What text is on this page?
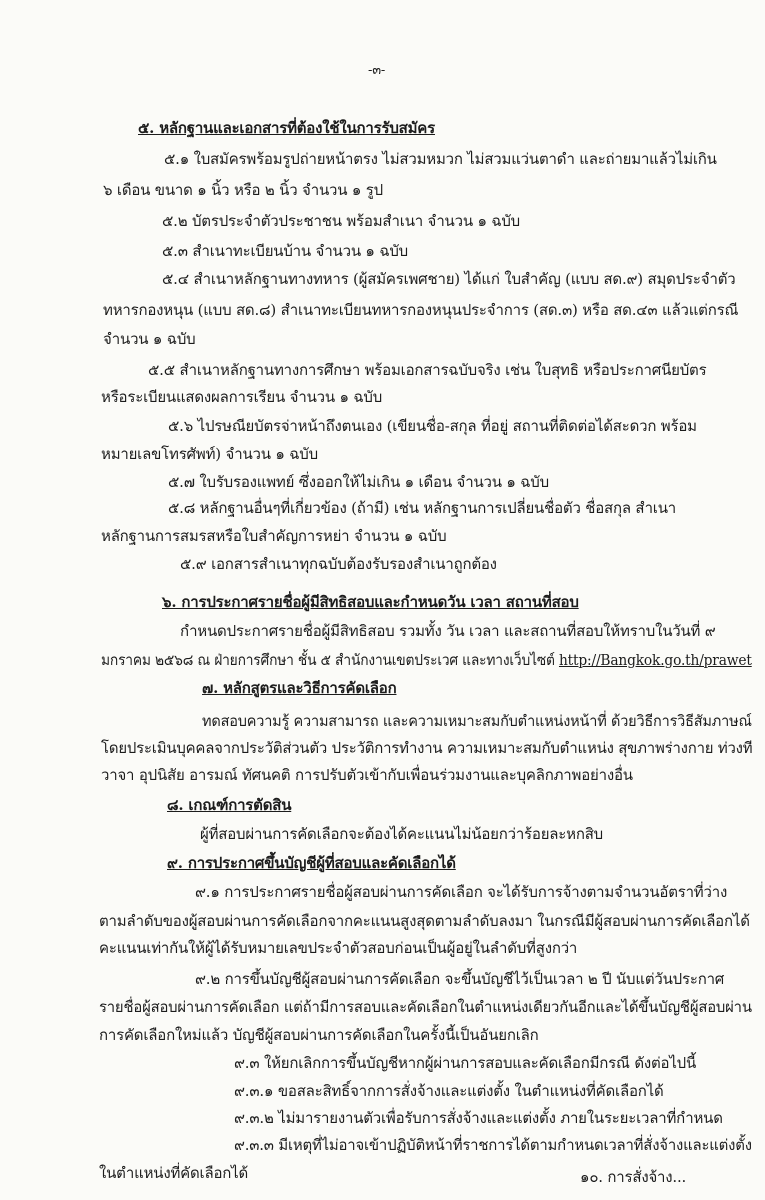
-๓-
๕. หลักฐานและเอกสารที่ต้องใช้ในการรับสมัคร
๕.๑ ใบสมัครพร้อมรูปถ่ายหน้าตรง ไม่สวมหมวก ไม่สวมแว่นตาดำ และถ่ายมาแล้วไม่เกิน
๖ เดือน ขนาด ๑ นิ้ว หรือ ๒ นิ้ว จำนวน ๑ รูป
๕.๒ บัตรประจำตัวประชาชน พร้อมสำเนา จำนวน ๑ ฉบับ
๕.๓ สำเนาทะเบียนบ้าน จำนวน ๑ ฉบับ
๕.๔ สำเนาหลักฐานทางทหาร (ผู้สมัครเพศชาย) ได้แก่ ใบสำคัญ (แบบ สด.๙) สมุดประจำตัว
ทหารกองหนุน (แบบ สด.๘) สำเนาทะเบียนทหารกองหนุนประจำการ (สด.๓) หรือ สด.๔๓ แล้วแต่กรณี
จำนวน ๑ ฉบับ
๕.๕ สำเนาหลักฐานทางการศึกษา พร้อมเอกสารฉบับจริง เช่น ใบสุทธิ หรือประกาศนียบัตร
หรือระเบียนแสดงผลการเรียน จำนวน ๑ ฉบับ
๕.๖ ไปรษณียบัตรจ่าหน้าถึงตนเอง (เขียนชื่อ-สกุล ที่อยู่ สถานที่ติดต่อได้สะดวก พร้อม
หมายเลขโทรศัพท์) จำนวน ๑ ฉบับ
๕.๗ ใบรับรองแพทย์ ซึ่งออกให้ไม่เกิน ๑ เดือน จำนวน ๑ ฉบับ
๕.๘ หลักฐานอื่นๆที่เกี่ยวข้อง (ถ้ามี) เช่น หลักฐานการเปลี่ยนชื่อตัว ชื่อสกุล สำเนา
หลักฐานการสมรสหรือใบสำคัญการหย่า จำนวน ๑ ฉบับ
๕.๙ เอกสารสำเนาทุกฉบับต้องรับรองสำเนาถูกต้อง
๖. การประกาศรายชื่อผู้มีสิทธิสอบและกำหนดวัน เวลา สถานที่สอบ
กำหนดประกาศรายชื่อผู้มีสิทธิสอบ รวมทั้ง วัน เวลา และสถานที่สอบให้ทราบในวันที่ ๙
มกราคม ๒๕๖๘ ณ ฝ่ายการศึกษา ชั้น ๕ สำนักงานเขตประเวศ และทางเว็บไซต์ http://Bangkok.go.th/prawet
๗. หลักสูตรและวิธีการคัดเลือก
ทดสอบความรู้ ความสามารถ และความเหมาะสมกับตำแหน่งหน้าที่ ด้วยวิธีการวิธีสัมภาษณ์
โดยประเมินบุคคลจากประวัติส่วนตัว ประวัติการทำงาน ความเหมาะสมกับตำแหน่ง สุขภาพร่างกาย ท่วงที
วาจา อุปนิสัย อารมณ์ ทัศนคติ การปรับตัวเข้ากับเพื่อนร่วมงานและบุคลิกภาพอย่างอื่น
๘. เกณฑ์การตัดสิน
ผู้ที่สอบผ่านการคัดเลือกจะต้องได้คะแนนไม่น้อยกว่าร้อยละหกสิบ
๙. การประกาศขึ้นบัญชีผู้ที่สอบและคัดเลือกได้
๙.๑ การประกาศรายชื่อผู้สอบผ่านการคัดเลือก จะได้รับการจ้างตามจำนวนอัตราที่ว่าง
ตามลำดับของผู้สอบผ่านการคัดเลือกจากคะแนนสูงสุดตามลำดับลงมา ในกรณีมีผู้สอบผ่านการคัดเลือกได้
คะแนนเท่ากันให้ผู้ได้รับหมายเลขประจำตัวสอบก่อนเป็นผู้อยู่ในลำดับที่สูงกว่า
๙.๒ การขึ้นบัญชีผู้สอบผ่านการคัดเลือก จะขึ้นบัญชีไว้เป็นเวลา ๒ ปี นับแต่วันประกาศ
รายชื่อผู้สอบผ่านการคัดเลือก แต่ถ้ามีการสอบและคัดเลือกในตำแหน่งเดียวกันอีกและได้ขึ้นบัญชีผู้สอบผ่าน
การคัดเลือกใหม่แล้ว บัญชีผู้สอบผ่านการคัดเลือกในครั้งนี้เป็นอันยกเลิก
๙.๓ ให้ยกเลิกการขึ้นบัญชีหากผู้ผ่านการสอบและคัดเลือกมีกรณี ดังต่อไปนี้
๙.๓.๑ ขอสละสิทธิ์จากการสั่งจ้างและแต่งตั้ง ในตำแหน่งที่คัดเลือกได้
๙.๓.๒ ไม่มารายงานตัวเพื่อรับการสั่งจ้างและแต่งตั้ง ภายในระยะเวลาที่กำหนด
๙.๓.๓ มีเหตุที่ไม่อาจเข้าปฏิบัติหน้าที่ราชการได้ตามกำหนดเวลาที่สั่งจ้างและแต่งตั้ง
ในตำแหน่งที่คัดเลือกได้	๑๐. การสั่งจ้าง...
